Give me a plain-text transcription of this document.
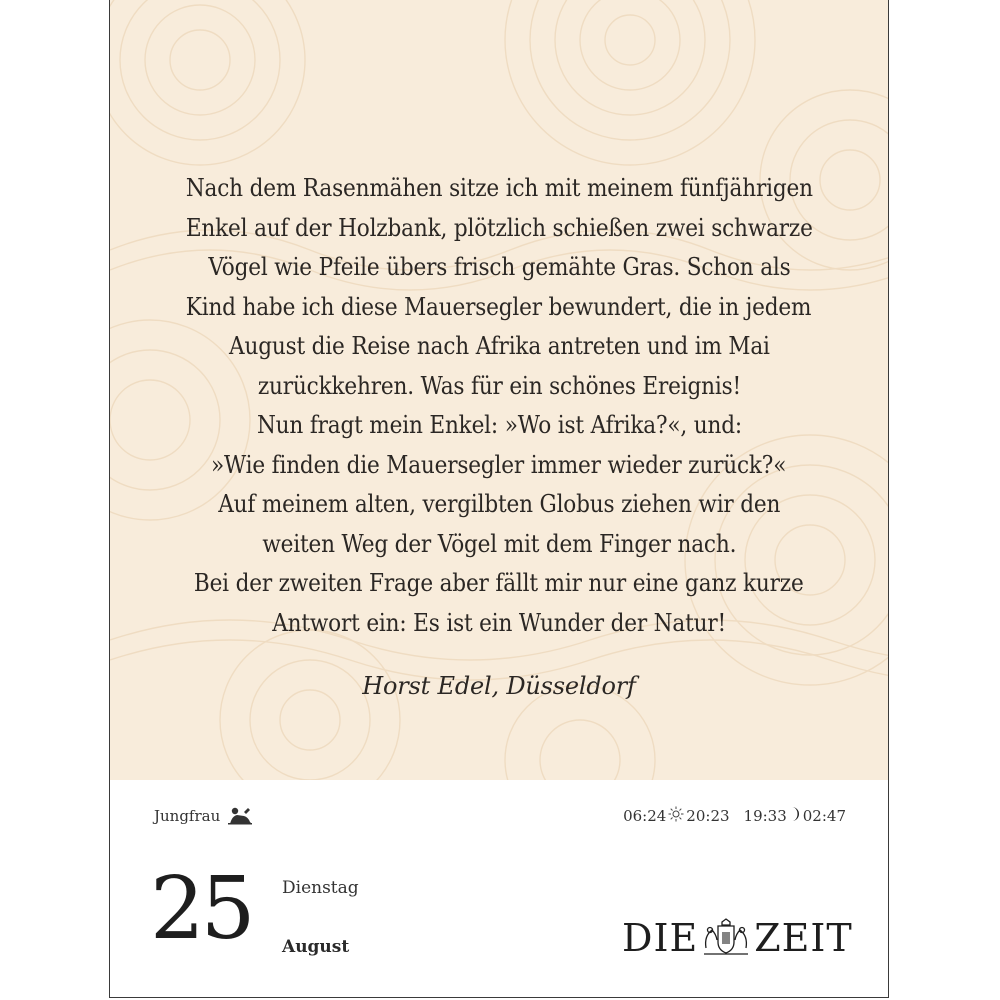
Nach dem Rasenmähen sitze ich mit meinem fünfjährigen Enkel auf der Holzbank, plötzlich schießen zwei schwarze Vögel wie Pfeile übers frisch gemähte Gras. Schon als Kind habe ich diese Mauersegler bewundert, die in jedem August die Reise nach Afrika antreten und im Mai zurückkehren. Was für ein schönes Ereignis! Nun fragt mein Enkel: »Wo ist Afrika?«, und: »Wie finden die Mauersegler immer wieder zurück?« Auf meinem alten, vergilbten Globus ziehen wir den weiten Weg der Vögel mit dem Finger nach. Bei der zweiten Frage aber fällt mir nur eine ganz kurze Antwort ein: Es ist ein Wunder der Natur!
Horst Edel, Düsseldorf
Jungfrau	06:24 20:23 19:33 02:47
25 Dienstag
August	DIE ZEIT
